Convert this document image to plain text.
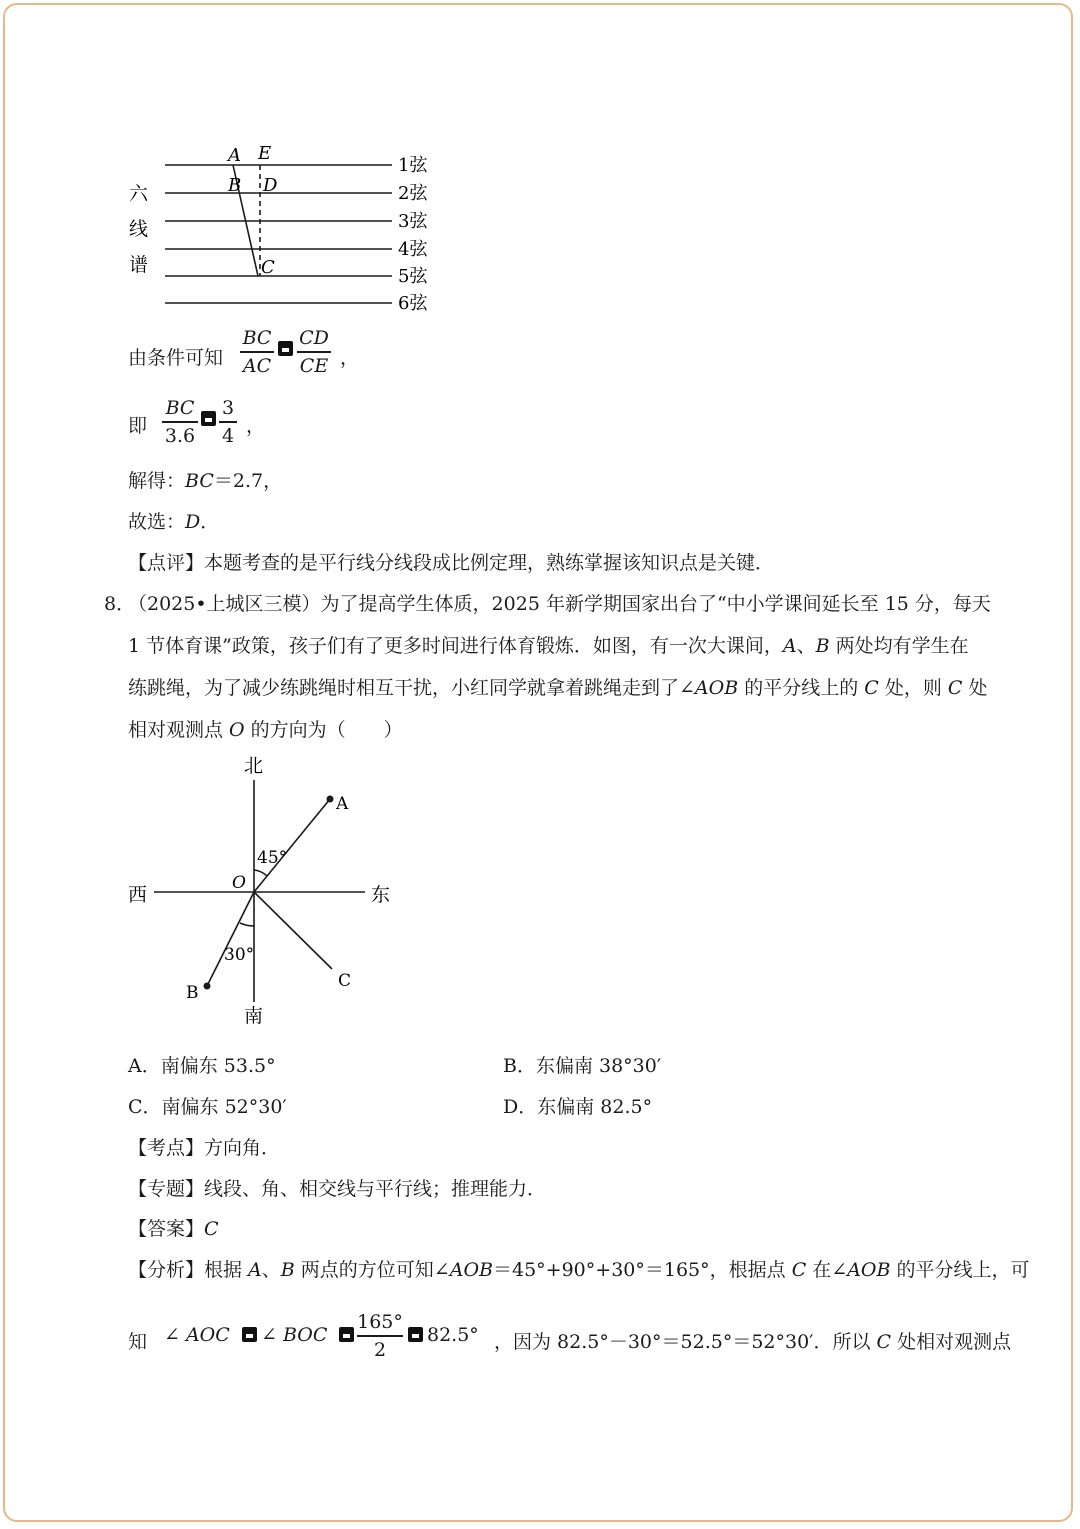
A E
B D
C
六
线
谱
1弦
2弦
3弦
4弦
5弦
6弦
由条件可知
BC
AC
CD
CE ，
即
BC
3.6
3
4 ，
解得：BC＝2.7，
故选：D．
【点评】本题考查的是平行线分线段成比例定理，熟练掌握该知识点是关键．
8．
（2025•上城区三模）为了提高学生体质，2025 年新学期国家出台了“中小学课间延长至 15 分，每天
1 节体育课”政策，孩子们有了更多时间进行体育锻炼．如图，有一次大课间，A、B 两处均有学生在
练跳绳，为了减少练跳绳时相互干扰，小红同学就拿着跳绳走到了∠AOB 的平分线上的 C 处，则 C 处
相对观测点 O 的方向为（　　）
北
南
西	东
A
B
C
45°
30°
O
A．南偏东 53.5°	B．东偏南 38°30′
C．南偏东 52°30′	D．东偏南 82.5°
【考点】方向角．
【专题】线段、角、相交线与平行线；推理能力．
【答案】C
【分析】根据 A、B 两点的方位可知∠AOB＝45°+90°+30°＝165°，根据点 C 在∠AOB 的平分线上，可
知 ∠ AOC ∠ BOC
165°
2
82.5° ，因为 82.5°－30°＝52.5°＝52°30′．所以 C 处相对观测点
